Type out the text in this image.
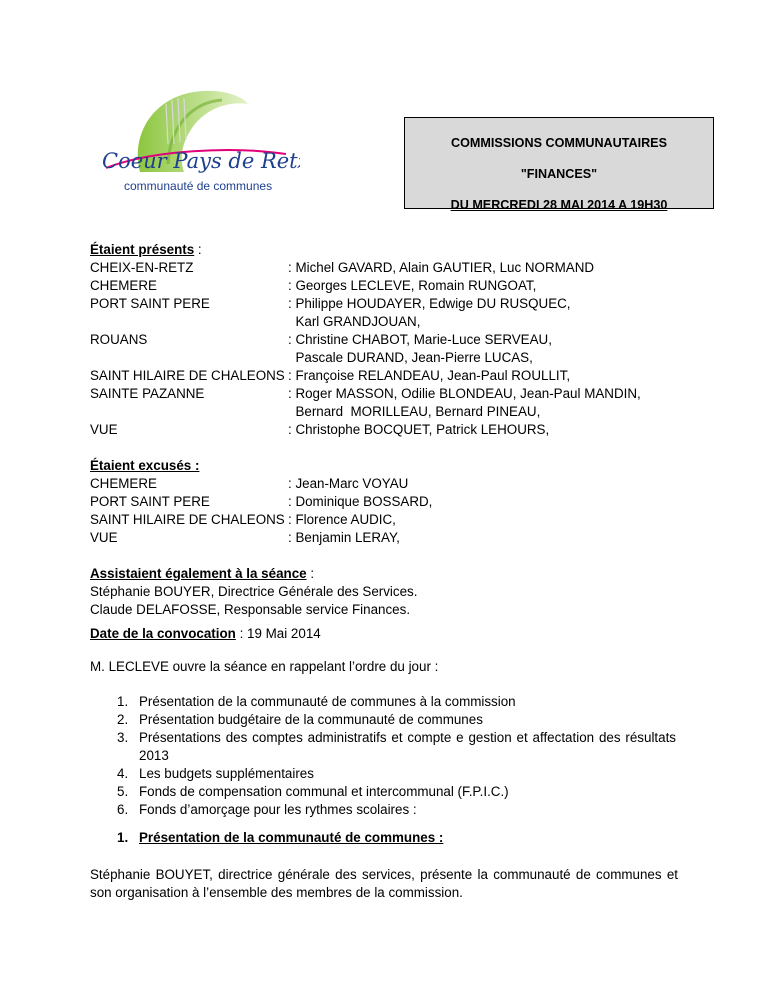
Coeur Pays de Retz
communauté de communes
COMMISSIONS COMMUNAUTAIRES
"FINANCES"
DU MERCREDI 28 MAI 2014 A 19H30
Étaient présents :
CHEIX-EN-RETZ	: Michel GAVARD, Alain GAUTIER, Luc NORMAND
CHEMERE	: Georges LECLEVE, Romain RUNGOAT,
PORT SAINT PERE	: Philippe HOUDAYER, Edwige DU RUSQUEC,
Karl GRANDJOUAN,
ROUANS	: Christine CHABOT, Marie-Luce SERVEAU,
Pascale DURAND, Jean-Pierre LUCAS,
SAINT HILAIRE DE CHALEONS : Françoise RELANDEAU, Jean-Paul ROULLIT,
SAINTE PAZANNE	: Roger MASSON, Odilie BLONDEAU, Jean-Paul MANDIN,
Bernard  MORILLEAU, Bernard PINEAU,
VUE	: Christophe BOCQUET, Patrick LEHOURS,
Étaient excusés :
CHEMERE	: Jean-Marc VOYAU
PORT SAINT PERE	: Dominique BOSSARD,
SAINT HILAIRE DE CHALEONS : Florence AUDIC,
VUE	: Benjamin LERAY,
Assistaient également à la séance :
Stéphanie BOUYER, Directrice Générale des Services.
Claude DELAFOSSE, Responsable service Finances.
Date de la convocation : 19 Mai 2014
M. LECLEVE ouvre la séance en rappelant l’ordre du jour :
1. Présentation de la communauté de communes à la commission
2. Présentation budgétaire de la communauté de communes
3. Présentations des comptes administratifs et compte e gestion et affectation des résultats 2013
4. Les budgets supplémentaires
5. Fonds de compensation communal et intercommunal (F.P.I.C.)
6. Fonds d’amorçage pour les rythmes scolaires :
1. Présentation de la communauté de communes :
Stéphanie BOUYET, directrice générale des services, présente la communauté de communes et son organisation à l’ensemble des membres de la commission.
